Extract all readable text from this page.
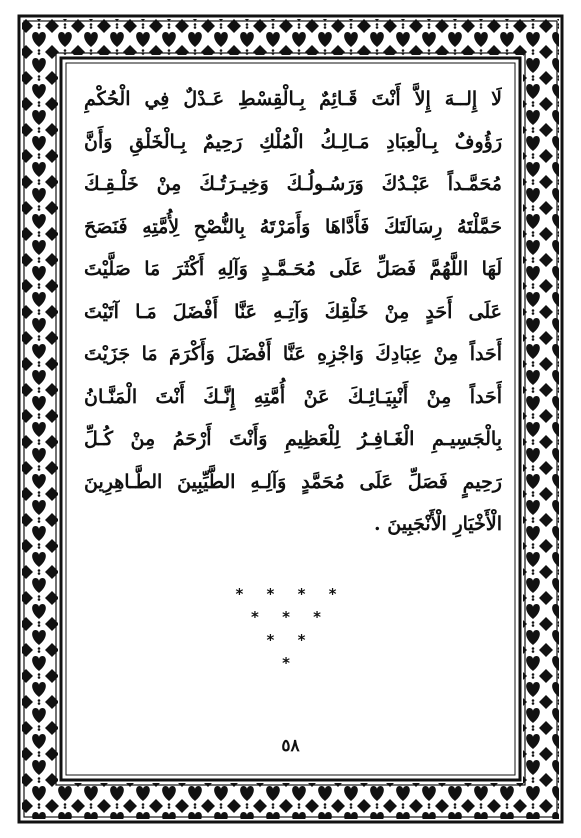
لَا إِلــهَ إِلاَّ أَنْتَ قَـائِمٌ بِـالْقِسْطِ عَـدْلٌ فِي الْحُكْمِ
رَؤُوفٌ بِـالْعِبَادِ مَـالِـكُ الْمُلْكِ رَحِيمٌ بِـالْخَلْقِ وَأَنَّ
مُحَمَّـداً عَبْـدُكَ وَرَسُـولُـكَ وَخِيـرَتُـكَ مِنْ خَلْـقِـكَ
حَمَّلْتَهُ رِسَالَتَكَ فَأَدَّاهَا وَأَمَرْتَهُ بِالنُّصْحِ لِأُمَّتِهِ فَنَصَحَ
لَهَا اللَّهُمَّ فَصَلِّ عَلَى مُحَـمَّـدٍ وَآلِهِ أَكْثَرَ مَا صَلَّيْتَ
عَلَى أَحَدٍ مِنْ خَلْقِكَ وَآتِـهِ عَنَّا أَفْضَلَ مَـا آتَيْتَ
أَحَداً مِنْ عِبَادِكَ وَاجْزِهِ عَنَّا أَفْضَلَ وَأَكْرَمَ مَا جَزَيْتَ
أَحَداً مِنْ أَنْبِيَـائِـكَ عَنْ أُمَّتِهِ إِنَّـكَ أَنْتَ الْمَنَّـانُ
بِالْجَسِيـمِ الْغَـافِـرُ لِلْعَظِيمِ وَأَنْتَ أَرْحَمُ مِنْ كُـلِّ
رَحِيمٍ فَصَلِّ عَلَى مُحَمَّدٍ وَآلِـهِ الطَّيِّبِينَ الطَّـاهِرِينَ
الْأَخْيَارِ الْأَنْجَبِينَ .
* * * *
* * *
* *
*
٥٨
